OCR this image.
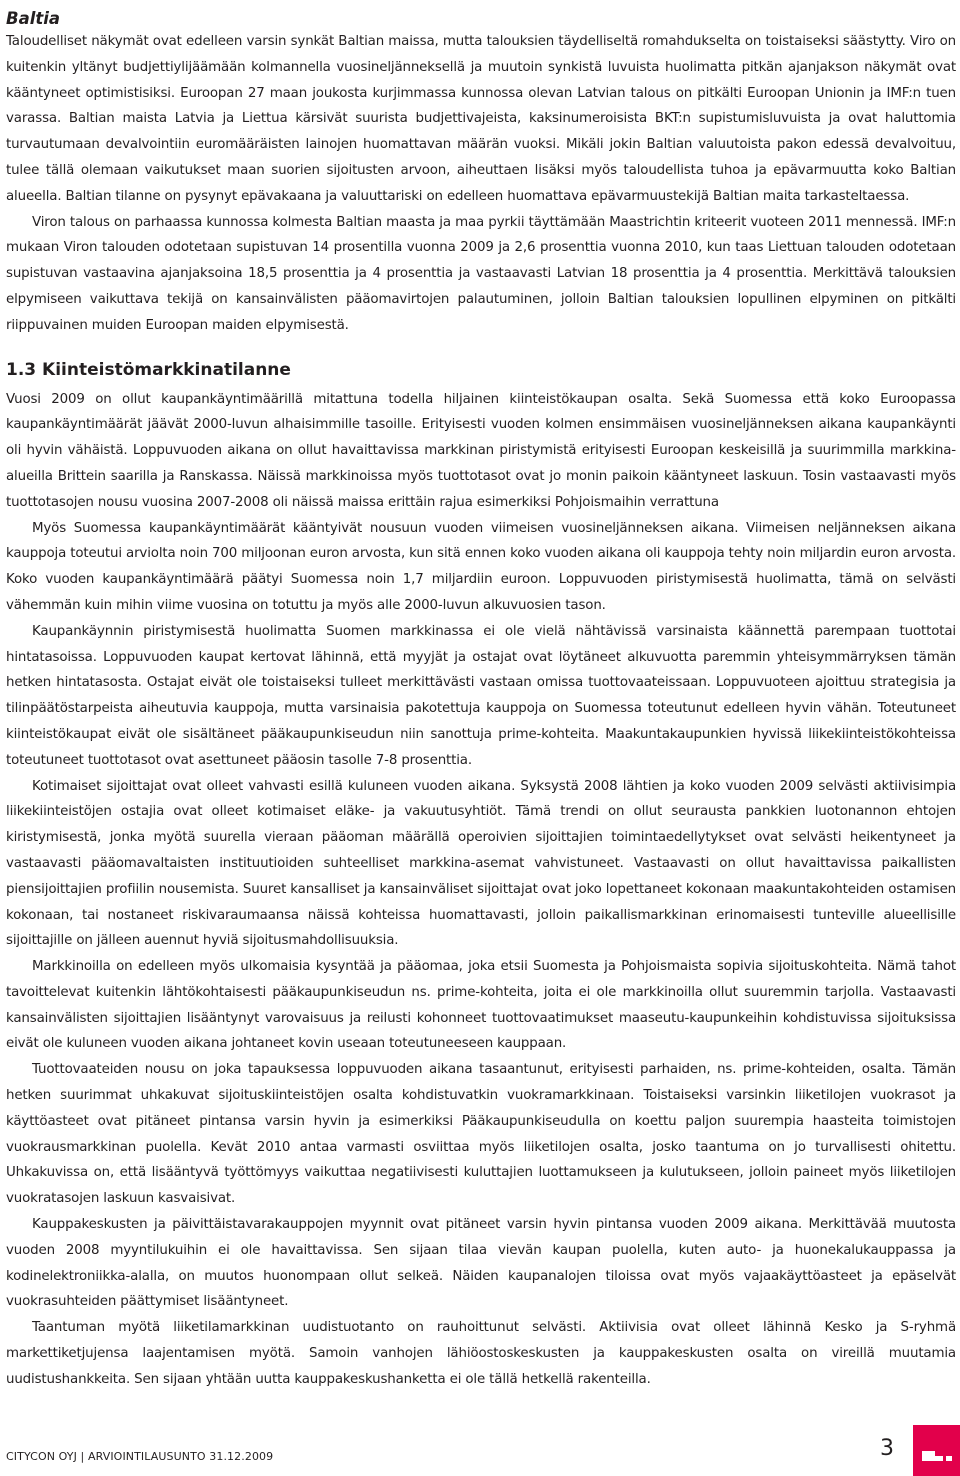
Baltia

Taloudelliset näkymät ovat edelleen varsin synkät Baltian maissa, mutta talouksien täydelliseltä romahdukselta on toistaiseksi säästytty. Viro on kuitenkin yltänyt budjettiylijäämään kolmannella vuosineljänneksellä ja muutoin synkistä luvuista huolimatta pitkän ajanjakson näkymät ovat kääntyneet optimistisiksi. Euroopan 27 maan joukosta kurjimmassa kunnossa olevan Latvian talous on pitkälti Euroopan Unionin ja IMF:n tuen varassa. Baltian maista Latvia ja Liettua kärsivät suurista budjettivajeista, kaksinumeroisista BKT:n supistumisluvuista ja ovat haluttomia turvautumaan devalvointiin euromääräisten lainojen huomattavan määrän vuoksi. Mikäli jokin Baltian valuutoista pakon edessä devalvoituu, tulee tällä olemaan vaikutukset maan suorien sijoitusten arvoon, aiheuttaen lisäksi myös taloudellista tuhoa ja epävarmuutta koko Baltian alueella. Baltian tilanne on pysynyt epävakaana ja valuuttariski on edelleen huomattava epävarmuustekijä Baltian maita tarkasteltaessa.

Viron talous on parhaassa kunnossa kolmesta Baltian maasta ja maa pyrkii täyttämään Maastrichtin kriteerit vuoteen 2011 mennessä. IMF:n mukaan Viron talouden odotetaan supistuvan 14 prosentilla vuonna 2009 ja 2,6 prosenttia vuonna 2010, kun taas Liettuan talouden odotetaan supistuvan vastaavina ajanjaksoina 18,5 prosenttia ja 4 prosenttia ja vastaavasti Latvian 18 prosenttia ja 4 prosenttia. Merkittävä talouksien elpymiseen vaikuttava tekijä on kansainvälisten pääomavirtojen palautuminen, jolloin Baltian talouksien lopullinen elpyminen on pitkälti riippuvainen muiden Euroopan maiden elpymisestä.

1.3 Kiinteistömarkkinatilanne

Vuosi 2009 on ollut kaupankäyntimäärillä mitattuna todella hiljainen kiinteistökaupan osalta. Sekä Suomessa että koko Euroopassa kaupankäyntimäärät jäävät 2000-luvun alhaisimmille tasoille. Erityisesti vuoden kolmen ensimmäisen vuosineljänneksen aikana kaupankäynti oli hyvin vähäistä. Loppuvuoden aikana on ollut havaittavissa markkinan piristymistä erityisesti Euroopan keskeisillä ja suurimmilla markkina-alueilla Brittein saarilla ja Ranskassa. Näissä markkinoissa myös tuottotasot ovat jo monin paikoin kääntyneet laskuun. Tosin vastaavasti myös tuottotasojen nousu vuosina 2007-2008 oli näissä maissa erittäin rajua esimerkiksi Pohjoismaihin verrattuna

Myös Suomessa kaupankäyntimäärät kääntyivät nousuun vuoden viimeisen vuosineljänneksen aikana. Viimeisen neljänneksen aikana kauppoja toteutui arviolta noin 700 miljoonan euron arvosta, kun sitä ennen koko vuoden aikana oli kauppoja tehty noin miljardin euron arvosta. Koko vuoden kaupankäyntimäärä päätyi Suomessa noin 1,7 miljardiin euroon. Loppuvuoden piristymisestä huolimatta, tämä on selvästi vähemmän kuin mihin viime vuosina on totuttu ja myös alle 2000-luvun alkuvuosien tason.

Kaupankäynnin piristymisestä huolimatta Suomen markkinassa ei ole vielä nähtävissä varsinaista käännettä parempaan tuottotai hintatasoissa. Loppuvuoden kaupat kertovat lähinnä, että myyjät ja ostajat ovat löytäneet alkuvuotta paremmin yhteisymmärryksen tämän hetken hintatasosta. Ostajat eivät ole toistaiseksi tulleet merkittävästi vastaan omissa tuottovaateissaan. Loppuvuoteen ajoittuu strategisia ja tilinpäätöstarpeista aiheutuvia kauppoja, mutta varsinaisia pakotettuja kauppoja on Suomessa toteutunut edelleen hyvin vähän. Toteutuneet kiinteistökaupat eivät ole sisältäneet pääkaupunkiseudun niin sanottuja prime-kohteita. Maakuntakaupunkien hyvissä liikekiinteistökohteissa toteutuneet tuottotasot ovat asettuneet pääosin tasolle 7-8 prosenttia.

Kotimaiset sijoittajat ovat olleet vahvasti esillä kuluneen vuoden aikana. Syksystä 2008 lähtien ja koko vuoden 2009 selvästi aktiivisimpia liikekiinteistöjen ostajia ovat olleet kotimaiset eläke- ja vakuutusyhtiöt. Tämä trendi on ollut seurausta pankkien luotonannon ehtojen kiristymisestä, jonka myötä suurella vieraan pääoman määrällä operoivien sijoittajien toimintaedellytykset ovat selvästi heikentyneet ja vastaavasti pääomavaltaisten instituutioiden suhteelliset markkina-asemat vahvistuneet. Vastaavasti on ollut havaittavissa paikallisten piensijoittajien profiilin nousemista. Suuret kansalliset ja kansainväliset sijoittajat ovat joko lopettaneet kokonaan maakuntakohteiden ostamisen kokonaan, tai nostaneet riskivaraumaansa näissä kohteissa huomattavasti, jolloin paikallismarkkinan erinomaisesti tunteville alueellisille sijoittajille on jälleen auennut hyviä sijoitusmahdollisuuksia.

Markkinoilla on edelleen myös ulkomaisia kysyntää ja pääomaa, joka etsii Suomesta ja Pohjoismaista sopivia sijoituskohteita. Nämä tahot tavoittelevat kuitenkin lähtökohtaisesti pääkaupunkiseudun ns. prime-kohteita, joita ei ole markkinoilla ollut suuremmin tarjolla. Vastaavasti kansainvälisten sijoittajien lisääntynyt varovaisuus ja reilusti kohonneet tuottovaatimukset maaseutu-kaupunkeihin kohdistuvissa sijoituksissa eivät ole kuluneen vuoden aikana johtaneet kovin useaan toteutuneeseen kauppaan.

Tuottovaateiden nousu on joka tapauksessa loppuvuoden aikana tasaantunut, erityisesti parhaiden, ns. prime-kohteiden, osalta. Tämän hetken suurimmat uhkakuvat sijoituskiinteistöjen osalta kohdistuvatkin vuokramarkkinaan. Toistaiseksi varsinkin liiketilojen vuokrasot ja käyttöasteet ovat pitäneet pintansa varsin hyvin ja esimerkiksi Pääkaupunkiseudulla on koettu paljon suurempia haasteita toimistojen vuokrausmarkkinan puolella. Kevät 2010 antaa varmasti osviittaa myös liiketilojen osalta, josko taantuma on jo turvallisesti ohitettu. Uhkakuvissa on, että lisääntyvä työttömyys vaikuttaa negatiivisesti kuluttajien luottamukseen ja kulutukseen, jolloin paineet myös liiketilojen vuokratasojen laskuun kasvaisivat.

Kauppakeskusten ja päivittäistavarakauppojen myynnit ovat pitäneet varsin hyvin pintansa vuoden 2009 aikana. Merkittävää muutosta vuoden 2008 myyntilukuihin ei ole havaittavissa. Sen sijaan tilaa vievän kaupan puolella, kuten auto- ja huonekalukauppassa ja kodinelektroniikka-alalla, on muutos huonompaan ollut selkeä. Näiden kaupanalojen tiloissa ovat myös vajaakäyttöasteet ja epäselvät vuokrasuhteiden päättymiset lisääntyneet.

Taantuman myötä liiketilamarkkinan uudistuotanto on rauhoittunut selvästi. Aktiivisia ovat olleet lähinnä Kesko ja S-ryhmä markettiketjujensa laajentamisen myötä. Samoin vanhojen lähiöostoskeskusten ja kauppakeskusten osalta on vireillä muutamia uudistushankkeita. Sen sijaan yhtään uutta kauppakeskushanketta ei ole tällä hetkellä rakenteilla.

CITYCON OYJ | ARVIOINTILAUSUNTO 31.12.2009	3
